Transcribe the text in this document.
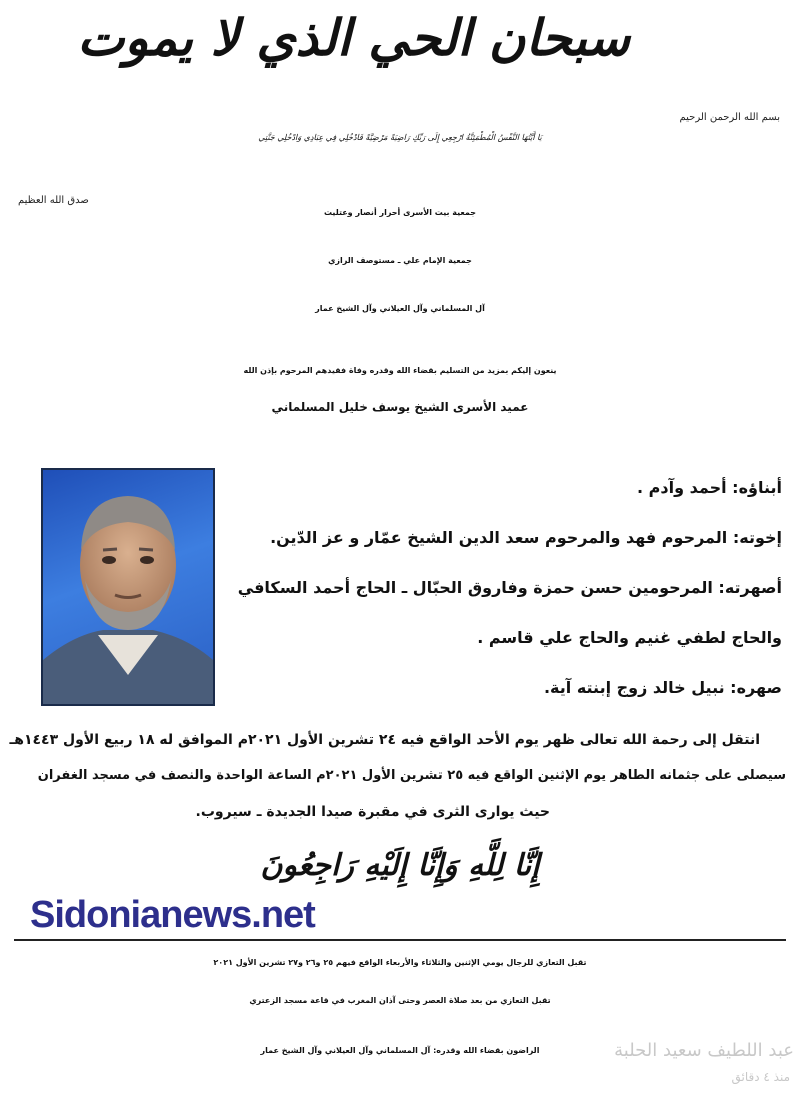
سبحان الحي الذي لا يموت
بسم الله الرحمن الرحيم
يَا أَيَّتُهَا النَّفْسُ الْمُطْمَئِنَّةُ ارْجِعِي إِلَى رَبِّكِ رَاضِيَةً مَرْضِيَّةً فَادْخُلِي فِي عِبَادِي وَادْخُلِي جَنَّتِي
صدق الله العظيم
جمعية بيت الأسرى أحرار أنصار وعتليت
جمعية الإمام علي ـ مستوصف الرازي
آل المسلماني وآل العيلاني وآل الشيخ عمار
ينعون إليكم بمزيد من التسليم بقضاء الله وقدره وفاة فقيدهم المرحوم بإذن الله
عميد الأسرى الشيخ يوسف خليل المسلماني
أبناؤه: أحمد وآدم .
إخوته: المرحوم فهد والمرحوم سعد الدين الشيخ عمّار و عز الدّين.
أصهرته: المرحومين حسن حمزة وفاروق الحبّال ـ الحاج أحمد السكافي
والحاج لطفي غنيم والحاج علي قاسم .
صهره: نبيل خالد زوج إبنته آية.
انتقل إلى رحمة الله تعالى ظهر يوم الأحد الواقع فيه ٢٤ تشرين الأول ٢٠٢١م الموافق له ١٨ ربيع الأول ١٤٤٣هـ
سيصلى على جثمانه الطاهر يوم الإثنين الواقع فيه ٢٥ تشرين الأول ٢٠٢١م الساعة الواحدة والنصف في مسجد الغفران
حيث يوارى الثرى في مقبرة صيدا الجديدة ـ سيروب.
إِنَّا لِلَّهِ وَإِنَّا إِلَيْهِ رَاجِعُونَ
Sidonianews.net
تقبل التعازي للرجال يومي الإثنين والثلاثاء والأربعاء الواقع فيهم ٢٥ و٢٦ و٢٧ تشرين الأول ٢٠٢١
تقبل التعازي من بعد صلاة العصر وحتى آذان المغرب في قاعة مسجد الزعتري
الراضون بقضاء الله وقدره: آل المسلماني وآل العيلاني وآل الشيخ عمار	عبد اللطيف سعيد الحلبة
منذ ٤ دقائق
